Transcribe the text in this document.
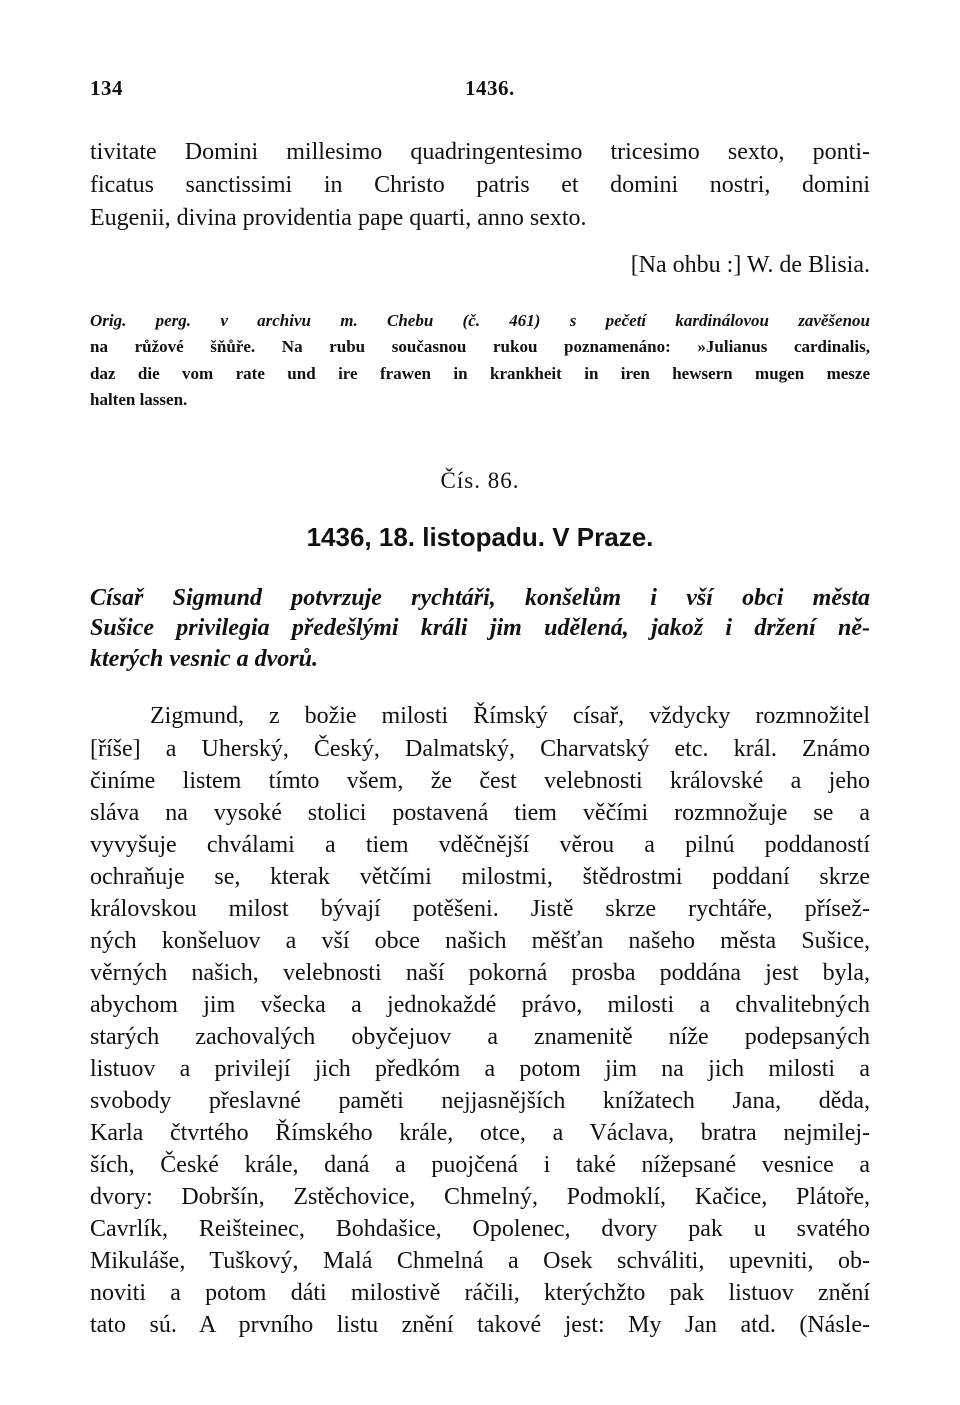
134	1436.
tivitate Domini millesimo quadringentesimo tricesimo sexto, ponti-
ficatus sanctissimi in Christo patris et domini nostri, domini
Eugenii, divina providentia pape quarti, anno sexto.
[Na ohbu :] W. de Blisia.
Orig. perg. v archivu m. Chebu (č. 461) s pečetí kardinálovou zavěšenou
na růžové šňůře. Na rubu současnou rukou poznamenáno: »Julianus cardinalis,
daz die vom rate und ire frawen in krankheit in iren hewsern mugen mesze
halten lassen.
Čís. 86.
1436, 18. listopadu. V Praze.
Císař Sigmund potvrzuje rychtáři, konšelům i vší obci města
Sušice privilegia předešlými králi jim udělená, jakož i držení ně-
kterých vesnic a dvorů.
Zigmund, z božie milosti Římský císař, vždycky rozmnožitel
[říše] a Uherský, Český, Dalmatský, Charvatský etc. král. Známo
činíme listem tímto všem, že čest velebnosti královské a jeho
sláva na vysoké stolici postavená tiem věčími rozmnožuje se a
vyvyšuje chválami a tiem vděčnější věrou a pilnú poddaností
ochraňuje se, kterak větčími milostmi, štědrostmi poddaní skrze
královskou milost bývají potěšeni. Jistě skrze rychtáře, přísež-
ných konšeluov a vší obce našich měšťan našeho města Sušice,
věrných našich, velebnosti naší pokorná prosba poddána jest byla,
abychom jim všecka a jednokaždé právo, milosti a chvalitebných
starých zachovalých obyčejuov a znamenitě níže podepsaných
listuov a privilejí jich předkóm a potom jim na jich milosti a
svobody přeslavné paměti nejjasnějších knížatech Jana, děda,
Karla čtvrtého Římského krále, otce, a Václava, bratra nejmilej-
ších, České krále, daná a puojčená i také nížepsané vesnice a
dvory: Dobršín, Zstěchovice, Chmelný, Podmoklí, Kačice, Plátoře,
Cavrlík, Reišteinec, Bohdašice, Opolenec, dvory pak u svatého
Mikuláše, Tuškový, Malá Chmelná a Osek schváliti, upevniti, ob-
noviti a potom dáti milostivě ráčili, kterýchžto pak listuov znění
tato sú. A prvního listu znění takové jest: My Jan atd. (Násle-
